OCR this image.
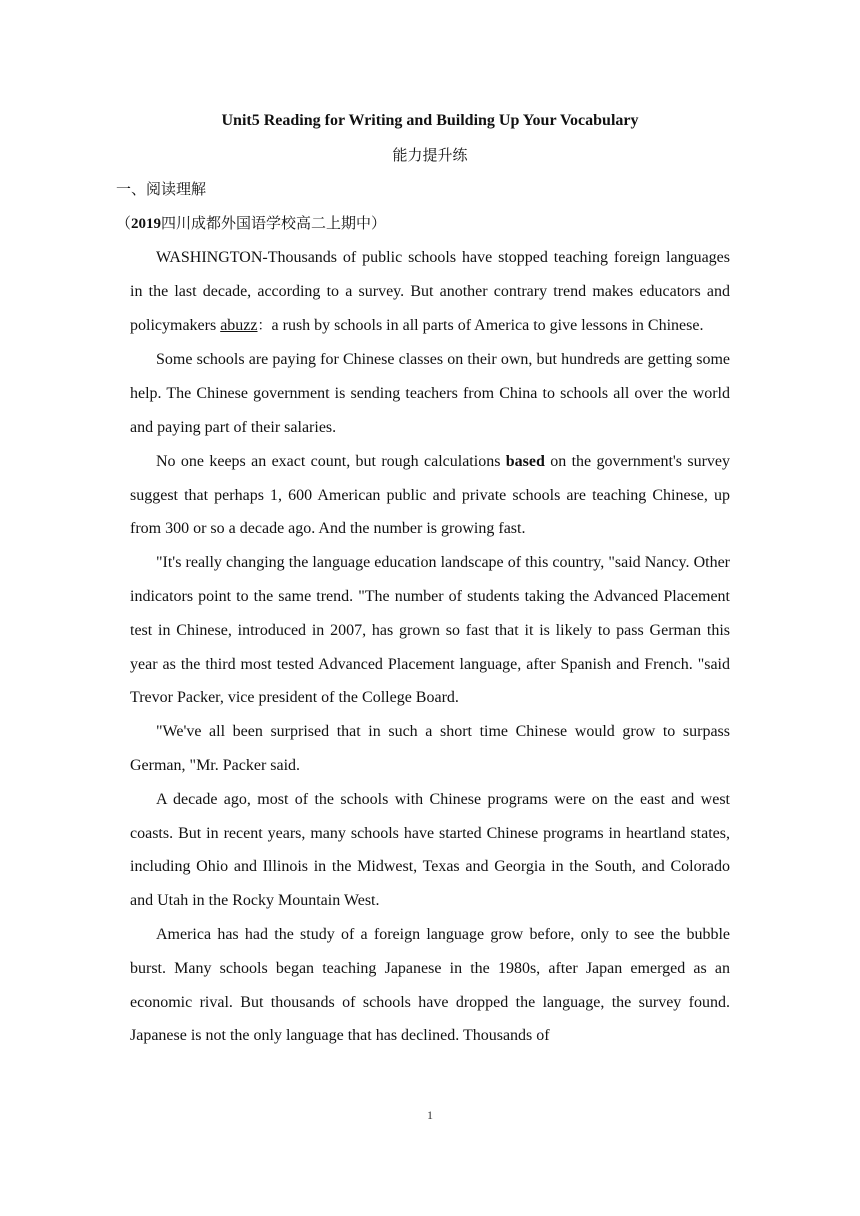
Unit5 Reading for Writing and Building Up Your Vocabulary

能力提升练

一、阅读理解

（2019四川成都外国语学校高二上期中）

WASHINGTON-Thousands of public schools have stopped teaching foreign languages in the last decade, according to a survey. But another contrary trend makes educators and policymakers abuzz：a rush by schools in all parts of America to give lessons in Chinese.

Some schools are paying for Chinese classes on their own, but hundreds are getting some help. The Chinese government is sending teachers from China to schools all over the world and paying part of their salaries.

No one keeps an exact count, but rough calculations based on the government's survey suggest that perhaps 1, 600 American public and private schools are teaching Chinese, up from 300 or so a decade ago. And the number is growing fast.

"It's really changing the language education landscape of this country, "said Nancy. Other indicators point to the same trend. "The number of students taking the Advanced Placement test in Chinese, introduced in 2007, has grown so fast that it is likely to pass German this year as the third most tested Advanced Placement language, after Spanish and French. "said Trevor Packer, vice president of the College Board.

"We've all been surprised that in such a short time Chinese would grow to surpass German, "Mr. Packer said.

A decade ago, most of the schools with Chinese programs were on the east and west coasts. But in recent years, many schools have started Chinese programs in heartland states, including Ohio and Illinois in the Midwest, Texas and Georgia in the South, and Colorado and Utah in the Rocky Mountain West.

America has had the study of a foreign language grow before, only to see the bubble burst. Many schools began teaching Japanese in the 1980s, after Japan emerged as an economic rival. But thousands of schools have dropped the language, the survey found. Japanese is not the only language that has declined. Thousands of

1
